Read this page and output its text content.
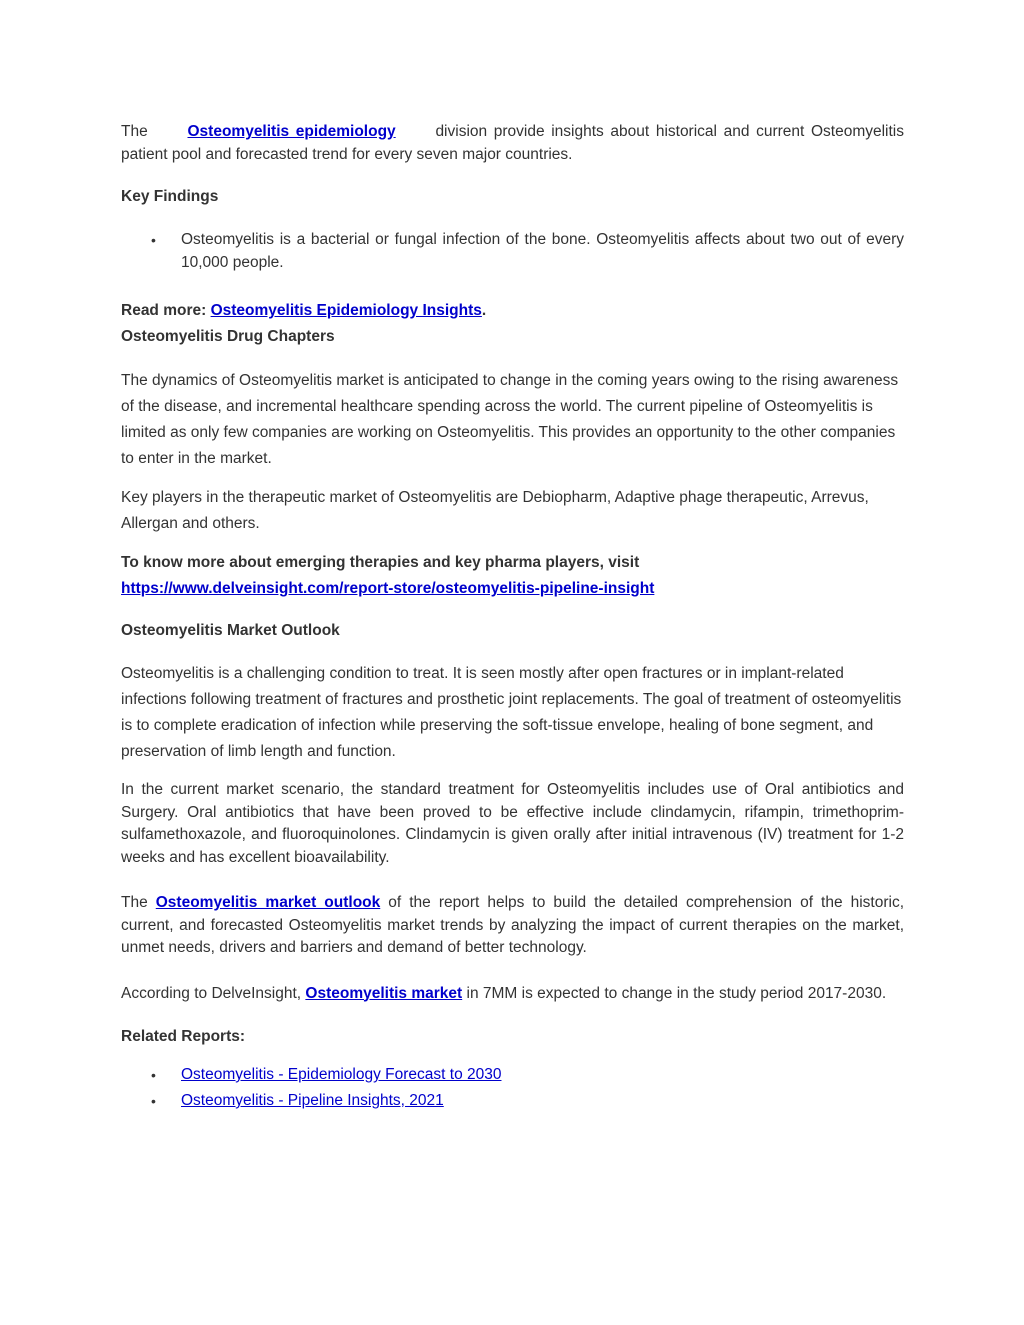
The	Osteomyelitis epidemiology	division provide insights about historical and current Osteomyelitis patient pool and forecasted trend for every seven major countries.

Key Findings

• Osteomyelitis is a bacterial or fungal infection of the bone. Osteomyelitis affects about two out of every 10,000 people.

Read more: Osteomyelitis Epidemiology Insights.

Osteomyelitis Drug Chapters

The dynamics of Osteomyelitis market is anticipated to change in the coming years owing to the rising awareness of the disease, and incremental healthcare spending across the world. The current pipeline of Osteomyelitis is limited as only few companies are working on Osteomyelitis. This provides an opportunity to the other companies to enter in the market.

Key players in the therapeutic market of Osteomyelitis are Debiopharm, Adaptive phage therapeutic, Arrevus, Allergan and others.

To know more about emerging therapies and key pharma players, visit
https://www.delveinsight.com/report-store/osteomyelitis-pipeline-insight

Osteomyelitis Market Outlook

Osteomyelitis is a challenging condition to treat. It is seen mostly after open fractures or in implant-related infections following treatment of fractures and prosthetic joint replacements. The goal of treatment of osteomyelitis is to complete eradication of infection while preserving the soft-tissue envelope, healing of bone segment, and preservation of limb length and function.

In the current market scenario, the standard treatment for Osteomyelitis includes use of Oral antibiotics and Surgery. Oral antibiotics that have been proved to be effective include clindamycin, rifampin, trimethoprim-sulfamethoxazole, and fluoroquinolones. Clindamycin is given orally after initial intravenous (IV) treatment for 1-2 weeks and has excellent bioavailability.

The Osteomyelitis market outlook of the report helps to build the detailed comprehension of the historic, current, and forecasted Osteomyelitis market trends by analyzing the impact of current therapies on the market, unmet needs, drivers and barriers and demand of better technology.

According to DelveInsight, Osteomyelitis market in 7MM is expected to change in the study period 2017-2030.

Related Reports:

• Osteomyelitis - Epidemiology Forecast to 2030
• Osteomyelitis - Pipeline Insights, 2021
